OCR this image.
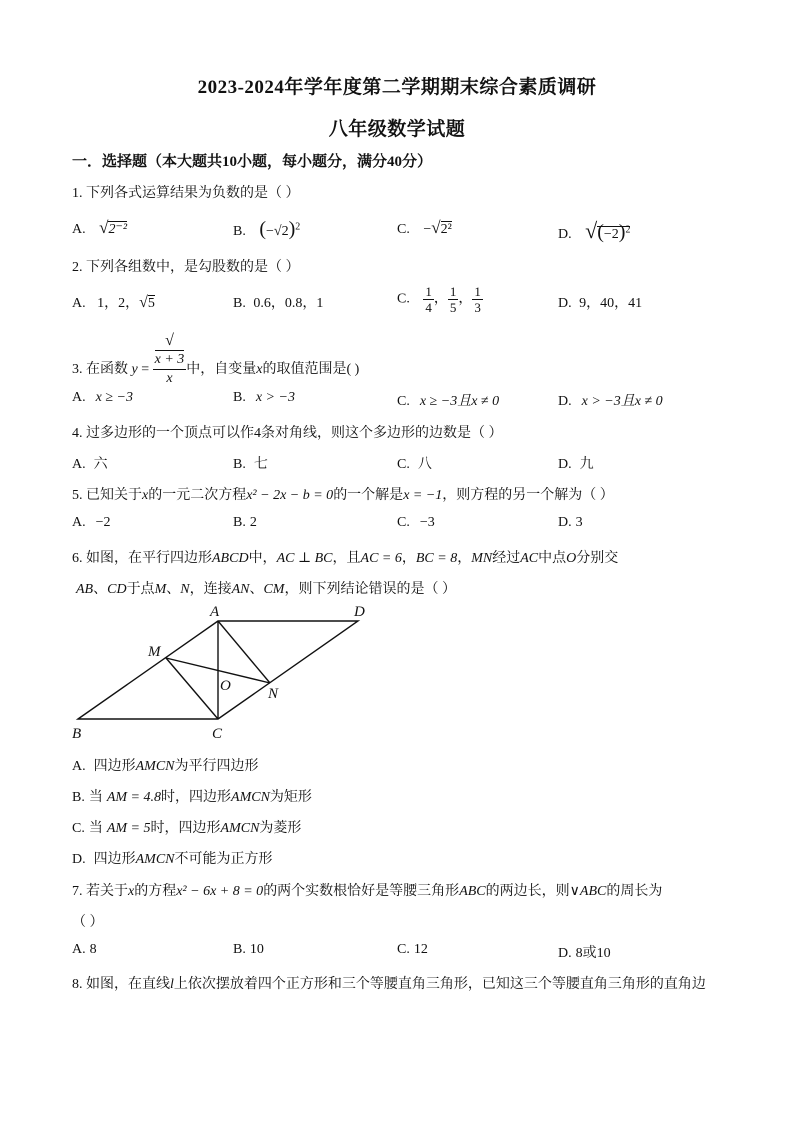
2023-2024年学年度第二学期期末综合素质调研
八年级数学试题
一．选择题（本大题共10小题，每小题分，满分40分）
1. 下列各式运算结果为负数的是（ ）
A. √2⁻²	B. $(-√2)^2$	C. −√2²	D. $√(-2)^2$
2. 下列各组数中，是勾股数的是（ ）
A. 1，2，√5	B. 0.6，0.8，1	C. $\frac{1}{4}$ ， $\frac{1}{5}$ ， $\frac{1}{3}$	D. 9，40，41
3. 在函数 y = √
x + 3
x 中，自变量x的取值范围是( )
A. x ≥ −3	B. x > −3	C. x ≥ −3且x ≠ 0	D. x > −3且x ≠ 0
4. 过多边形的一个顶点可以作4条对角线，则这个多边形的边数是（ ）
A. 六	B. 七	C. 八	D. 九
5. 已知关于x的一元二次方程x² − 2x − b = 0的一个解是x = −1，则方程的另一个解为（ ）
A. −2	B. 2	C. −3	D. 3
6. 如图，在平行四边形ABCD中，AC ⊥ BC，且AC = 6，BC = 8，MN经过AC中点O分别交
AB、CD于点M、N，连接AN、CM，则下列结论错误的是（ ）
A	D
M
O N
B	C
A. 四边形AMCN为平行四边形
B. 当 AM = 4.8时，四边形AMCN为矩形
C. 当 AM = 5时，四边形AMCN为菱形
D. 四边形AMCN不可能为正方形
7. 若关于x的方程x² − 6x + 8 = 0的两个实数根恰好是等腰三角形ABC的两边长，则∨ABC的周长为
（ ）
A. 8	B. 10	C. 12	D. 8或10
8. 如图，在直线l上依次摆放着四个正方形和三个等腰直角三角形，已知这三个等腰直角三角形的直角边
